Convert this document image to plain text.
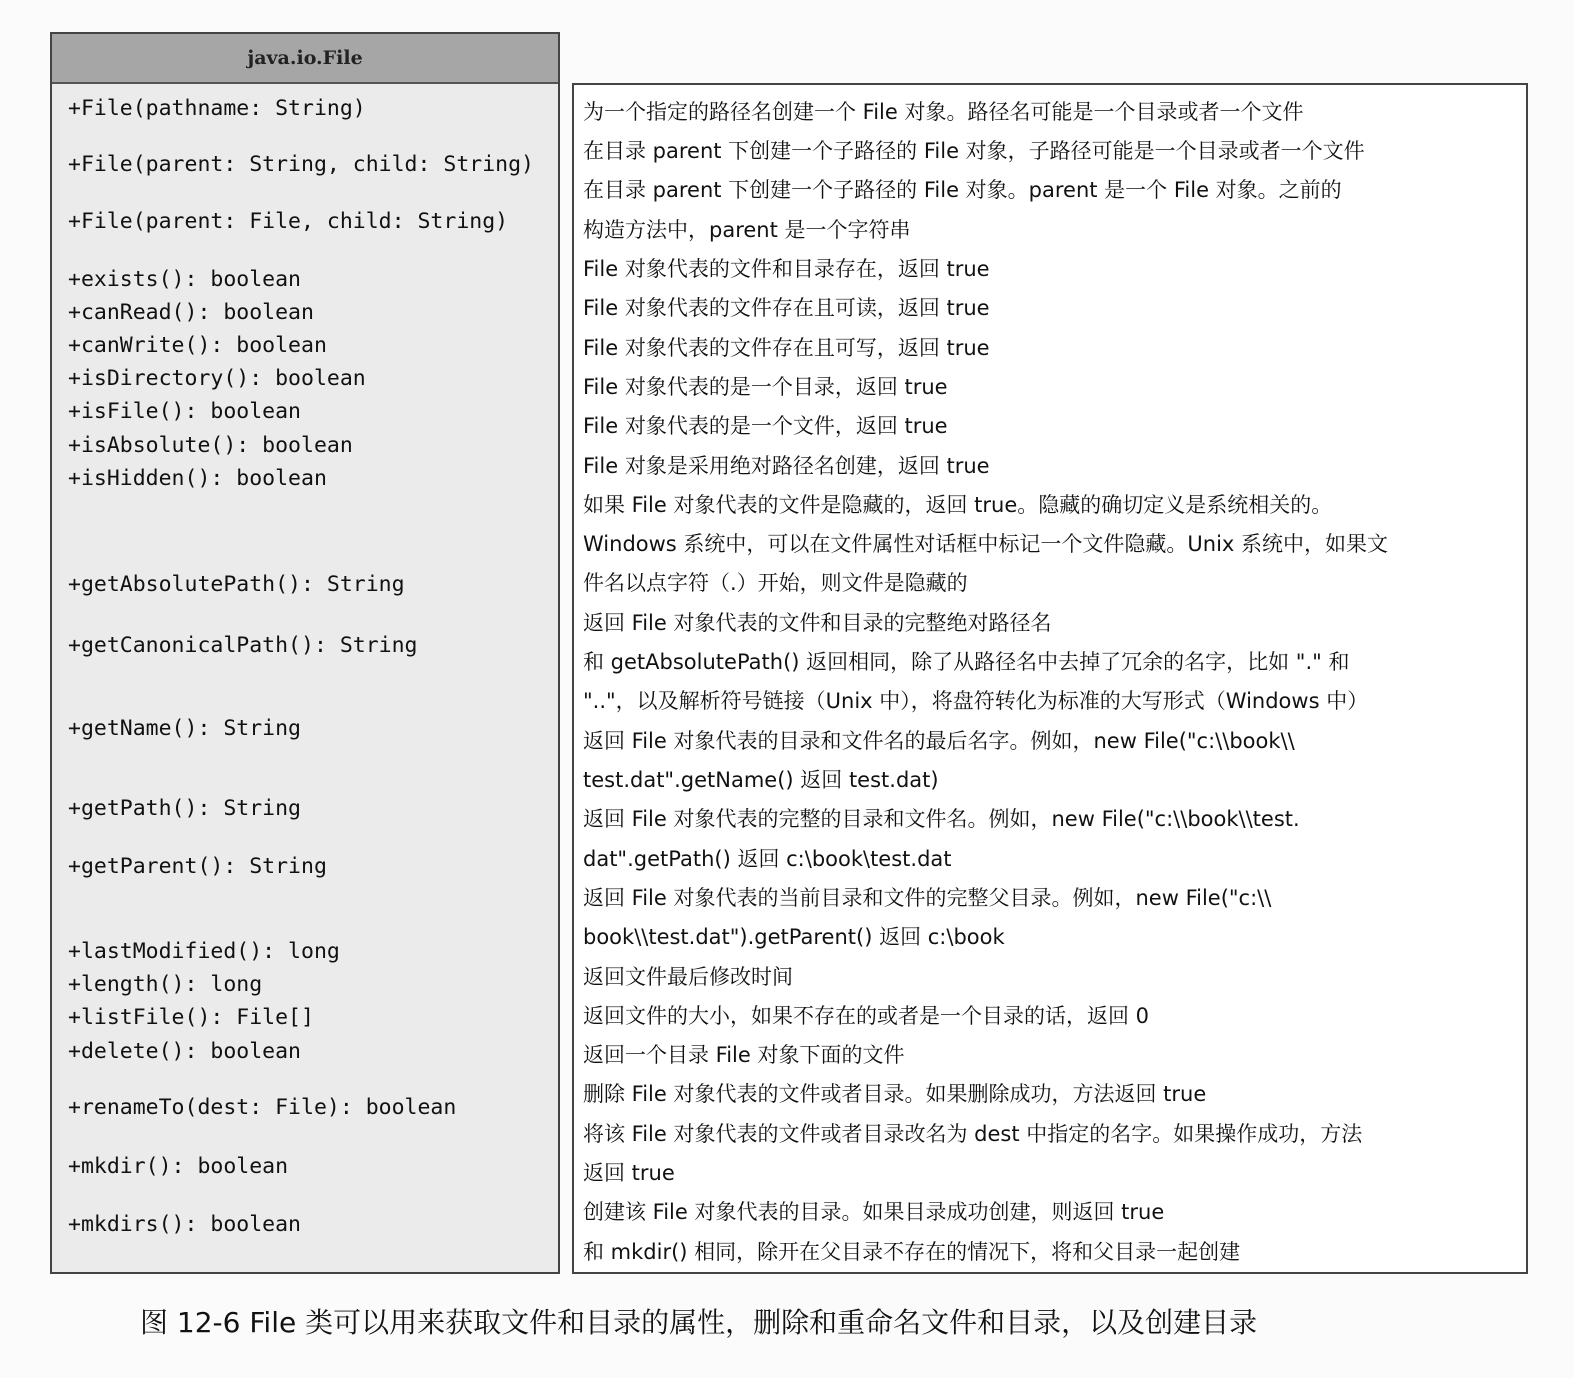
java.io.File
+File(pathname: String)
+File(parent: String, child: String)
+File(parent: File, child: String)
+exists(): boolean
+canRead(): boolean
+canWrite(): boolean
+isDirectory(): boolean
+isFile(): boolean
+isAbsolute(): boolean
+isHidden(): boolean
+getAbsolutePath(): String
+getCanonicalPath(): String
+getName(): String
+getPath(): String
+getParent(): String
+lastModified(): long
+length(): long
+listFile(): File[]
+delete(): boolean
+renameTo(dest: File): boolean
+mkdir(): boolean
+mkdirs(): boolean
为一个指定的路径名创建一个 File 对象。路径名可能是一个目录或者一个文件
在目录 parent 下创建一个子路径的 File 对象，子路径可能是一个目录或者一个文件
在目录 parent 下创建一个子路径的 File 对象。parent 是一个 File 对象。之前的
构造方法中，parent 是一个字符串
File 对象代表的文件和目录存在，返回 true
File 对象代表的文件存在且可读，返回 true
File 对象代表的文件存在且可写，返回 true
File 对象代表的是一个目录，返回 true
File 对象代表的是一个文件，返回 true
File 对象是采用绝对路径名创建，返回 true
如果 File 对象代表的文件是隐藏的，返回 true。隐藏的确切定义是系统相关的。
Windows 系统中，可以在文件属性对话框中标记一个文件隐藏。Unix 系统中，如果文
件名以点字符（.）开始，则文件是隐藏的
返回 File 对象代表的文件和目录的完整绝对路径名
和 getAbsolutePath() 返回相同，除了从路径名中去掉了冗余的名字，比如 "." 和
".."，以及解析符号链接（Unix 中），将盘符转化为标准的大写形式（Windows 中）
返回 File 对象代表的目录和文件名的最后名字。例如，new File("c:\\book\\
test.dat".getName() 返回 test.dat)
返回 File 对象代表的完整的目录和文件名。例如，new File("c:\\book\\test.
dat".getPath() 返回 c:\book\test.dat
返回 File 对象代表的当前目录和文件的完整父目录。例如，new File("c:\\
book\\test.dat").getParent() 返回 c:\book
返回文件最后修改时间
返回文件的大小，如果不存在的或者是一个目录的话，返回 0
返回一个目录 File 对象下面的文件
删除 File 对象代表的文件或者目录。如果删除成功，方法返回 true
将该 File 对象代表的文件或者目录改名为 dest 中指定的名字。如果操作成功，方法
返回 true
创建该 File 对象代表的目录。如果目录成功创建，则返回 true
和 mkdir() 相同，除开在父目录不存在的情况下，将和父目录一起创建
图 12-6 File 类可以用来获取文件和目录的属性，删除和重命名文件和目录，以及创建目录
